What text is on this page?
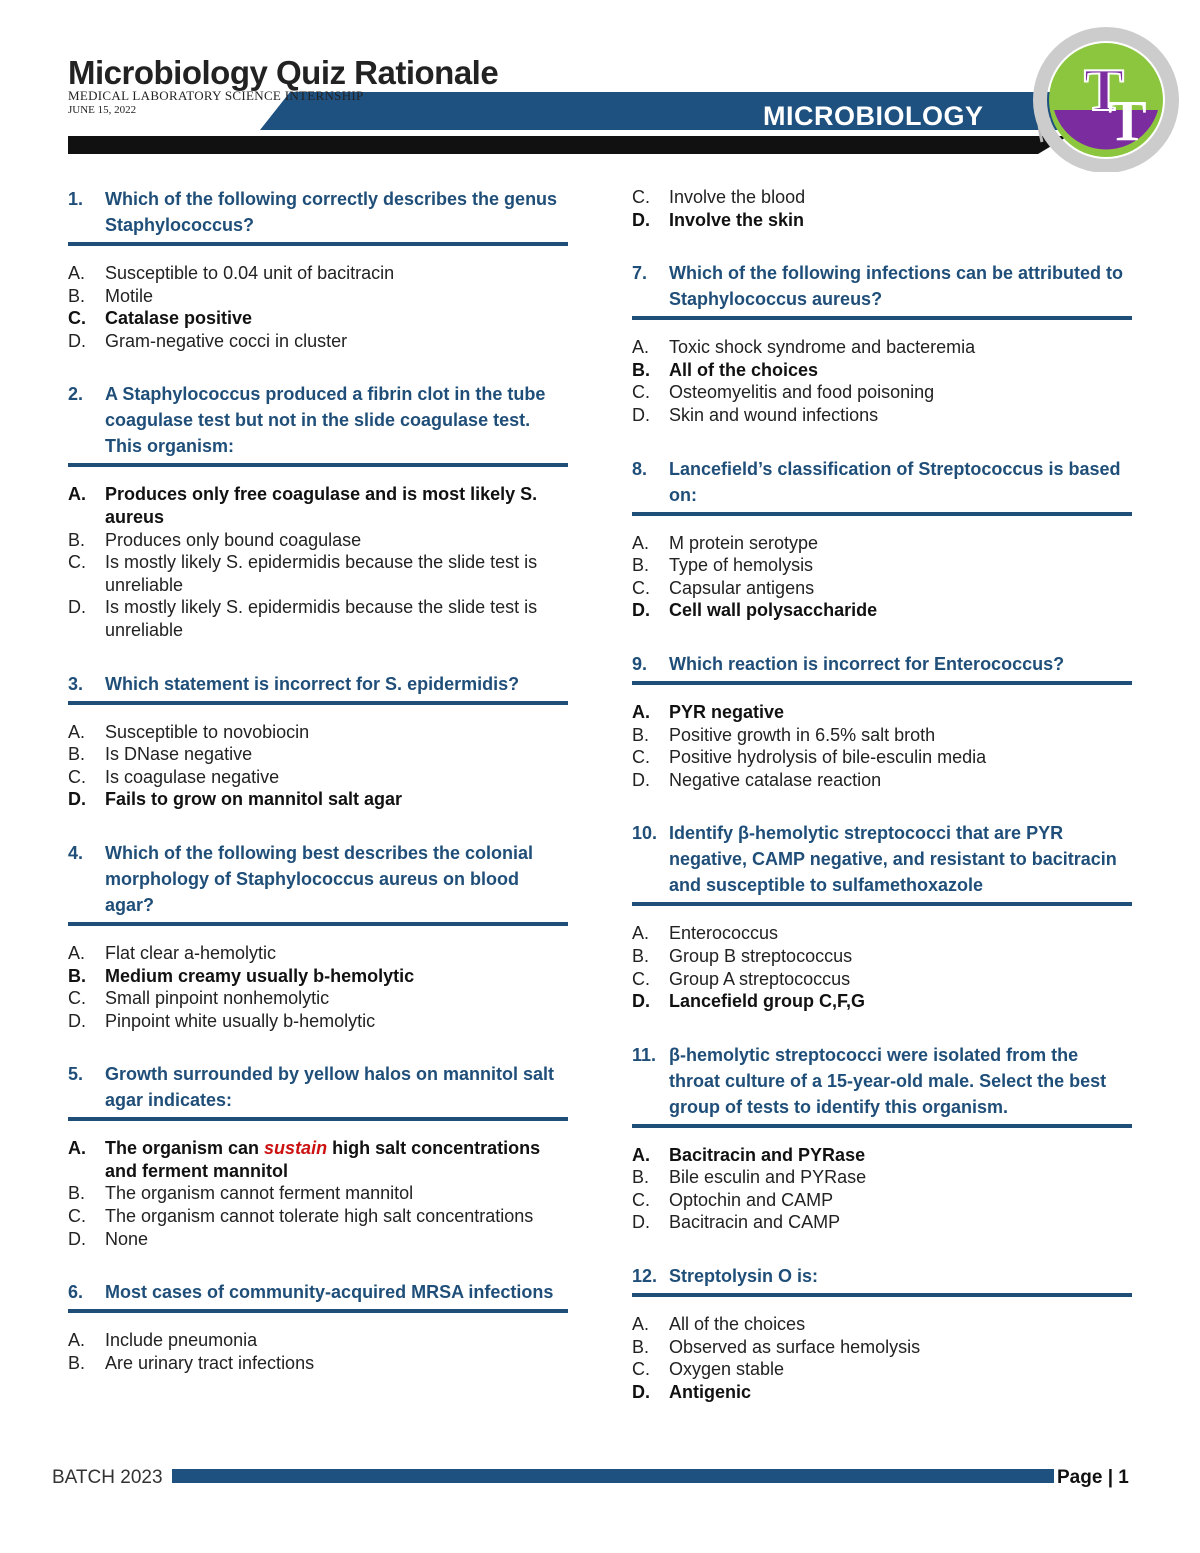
Microbiology Quiz Rationale
MEDICAL LABORATORY SCIENCE INTERNSHIP
JUNE 15, 2022	MICROBIOLOGY T
T
1.	Which of the following correctly describes the genus Staphylococcus?
A.	Susceptible to 0.04 unit of bacitracin
B.	Motile
C.	Catalase positive
D.	Gram-negative cocci in cluster
2.	A Staphylococcus produced a fibrin clot in the tube coagulase test but not in the slide coagulase test. This organism:
A.	Produces only free coagulase and is most likely S. aureus
B.	Produces only bound coagulase
C.	Is mostly likely S. epidermidis because the slide test is unreliable
D.	Is mostly likely S. epidermidis because the slide test is unreliable
3.	Which statement is incorrect for S. epidermidis?
A.	Susceptible to novobiocin
B.	Is DNase negative
C.	Is coagulase negative
D.	Fails to grow on mannitol salt agar
4.	Which of the following best describes the colonial morphology of Staphylococcus aureus on blood agar?
A.	Flat clear a-hemolytic
B.	Medium creamy usually b-hemolytic
C.	Small pinpoint nonhemolytic
D.	Pinpoint white usually b-hemolytic
5.	Growth surrounded by yellow halos on mannitol salt agar indicates:
A.	The organism can sustain high salt concentrations and ferment mannitol
B.	The organism cannot ferment mannitol
C.	The organism cannot tolerate high salt concentrations
D.	None
6.	Most cases of community-acquired MRSA infections
A.	Include pneumonia
B.	Are urinary tract infections
C.	Involve the blood
D.	Involve the skin
7.	Which of the following infections can be attributed to Staphylococcus aureus?
A.	Toxic shock syndrome and bacteremia
B.	All of the choices
C.	Osteomyelitis and food poisoning
D.	Skin and wound infections
8.	Lancefield’s classification of Streptococcus is based on:
A.	M protein serotype
B.	Type of hemolysis
C.	Capsular antigens
D.	Cell wall polysaccharide
9.	Which reaction is incorrect for Enterococcus?
A.	PYR negative
B.	Positive growth in 6.5% salt broth
C.	Positive hydrolysis of bile-esculin media
D.	Negative catalase reaction
10. Identify β-hemolytic streptococci that are PYR negative, CAMP negative, and resistant to bacitracin and susceptible to sulfamethoxazole
A.	Enterococcus
B.	Group B streptococcus
C.	Group A streptococcus
D.	Lancefield group C,F,G
11. β-hemolytic streptococci were isolated from the throat culture of a 15-year-old male. Select the best group of tests to identify this organism.
A.	Bacitracin and PYRase
B.	Bile esculin and PYRase
C.	Optochin and CAMP
D.	Bacitracin and CAMP
12. Streptolysin O is:
A.	All of the choices
B.	Observed as surface hemolysis
C.	Oxygen stable
D.	Antigenic
BATCH 2023	Page | 1
